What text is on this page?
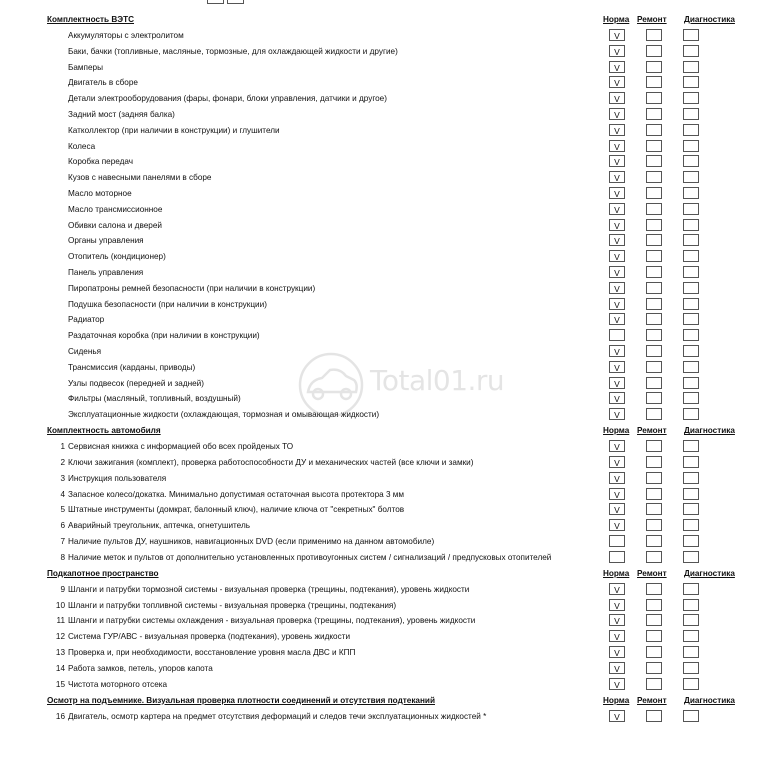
Комплектность ВЭТС	Норма Ремонт Диагностика
Аккумуляторы с электролитом	V
Баки, бачки (топливные, масляные, тормозные, для охлаждающей жидкости и другие)	V
Бамперы	V
Двигатель в сборе	V
Детали электрооборудования (фары, фонари, блоки управления, датчики и другое)	V
Задний мост (задняя балка)	V
Катколлектор (при наличии в конструкции) и глушители	V
Колеса	V
Коробка передач	V
Кузов с навесными панелями в сборе	V
Масло моторное	V
Масло трансмиссионное	V
Обивки салона и дверей	V
Органы управления	V
Отопитель (кондиционер)	V
Панель управления	V
Пиропатроны ремней безопасности (при наличии в конструкции)	V
Подушка безопасности (при наличии в конструкции)	V
Радиатор	V
Раздаточная коробка (при наличии в конструкции)
Сиденья	V
Трансмиссия (карданы, приводы)	V
Узлы подвесок (передней и задней)	V
Фильтры (масляный, топливный, воздушный)	V
Эксплуатационные жидкости (охлаждающая, тормозная и омывающая жидкости)	V
Комплектность автомобиля	Норма Ремонт Диагностика
1 Сервисная книжка с информацией обо всех пройденых ТО	V
2 Ключи зажигания (комплект), проверка работоспособности ДУ и механических частей (все ключи и замки)	V
3 Инструкция пользователя	V
4 Запасное колесо/докатка. Минимально допустимая остаточная высота протектора 3 мм	V
5 Штатные инструменты (домкрат, балонный ключ), наличие ключа от "секретных" болтов	V
6 Аварийный треугольник, аптечка, огнетушитель	V
7 Наличие пультов ДУ, наушников, навигационных DVD (если применимо на данном автомобиле)
8 Наличие меток и пультов от дополнительно установленных противоугонных систем / сигнализаций / предпусковых отопителей
Подкапотное пространство	Норма Ремонт Диагностика
9 Шланги и патрубки тормозной системы - визуальная проверка (трещины, подтекания), уровень жидкости	V
10 Шланги и патрубки топливной системы - визуальная проверка (трещины, подтекания)	V
11 Шланги и патрубки системы охлаждения - визуальная проверка (трещины, подтекания), уровень жидкости	V
12 Система ГУР/АВС - визуальная проверка (подтекания), уровень жидкости	V
13 Проверка и, при необходимости, восстановление уровня масла ДВС и КПП	V
14 Работа замков, петель, упоров капота	V
15 Чистота моторного отсека	V
Осмотр на подъемнике. Визуальная проверка плотности соединений и отсутствия подтеканий	Норма Ремонт Диагностика
16 Двигатель, осмотр картера на предмет отсутствия деформаций и следов течи эксплуатационных жидкостей *	V
Total01.ru
